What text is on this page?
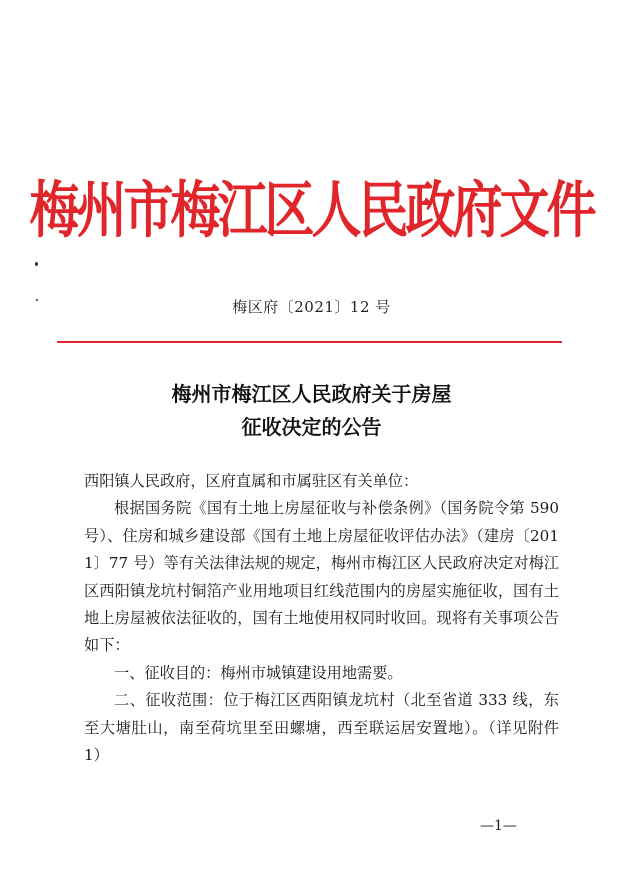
梅州市梅江区人民政府文件
梅区府〔2021〕12 号
梅州市梅江区人民政府关于房屋
征收决定的公告

西阳镇人民政府，区府直属和市属驻区有关单位：

根据国务院《国有土地上房屋征收与补偿条例》（国务院令第 590 号）、住房和城乡建设部《国有土地上房屋征收评估办法》（建房〔2011〕77 号）等有关法律法规的规定，梅州市梅江区人民政府决定对梅江区西阳镇龙坑村铜箔产业用地项目红线范围内的房屋实施征收，国有土地上房屋被依法征收的，国有土地使用权同时收回。现将有关事项公告如下：

一、征收目的：梅州市城镇建设用地需要。

二、征收范围：位于梅江区西阳镇龙坑村（北至省道 333 线，东至大塘肚山，南至荷坑里至田螺塘，西至联运居安置地）。（详见附件 1）

—1—
